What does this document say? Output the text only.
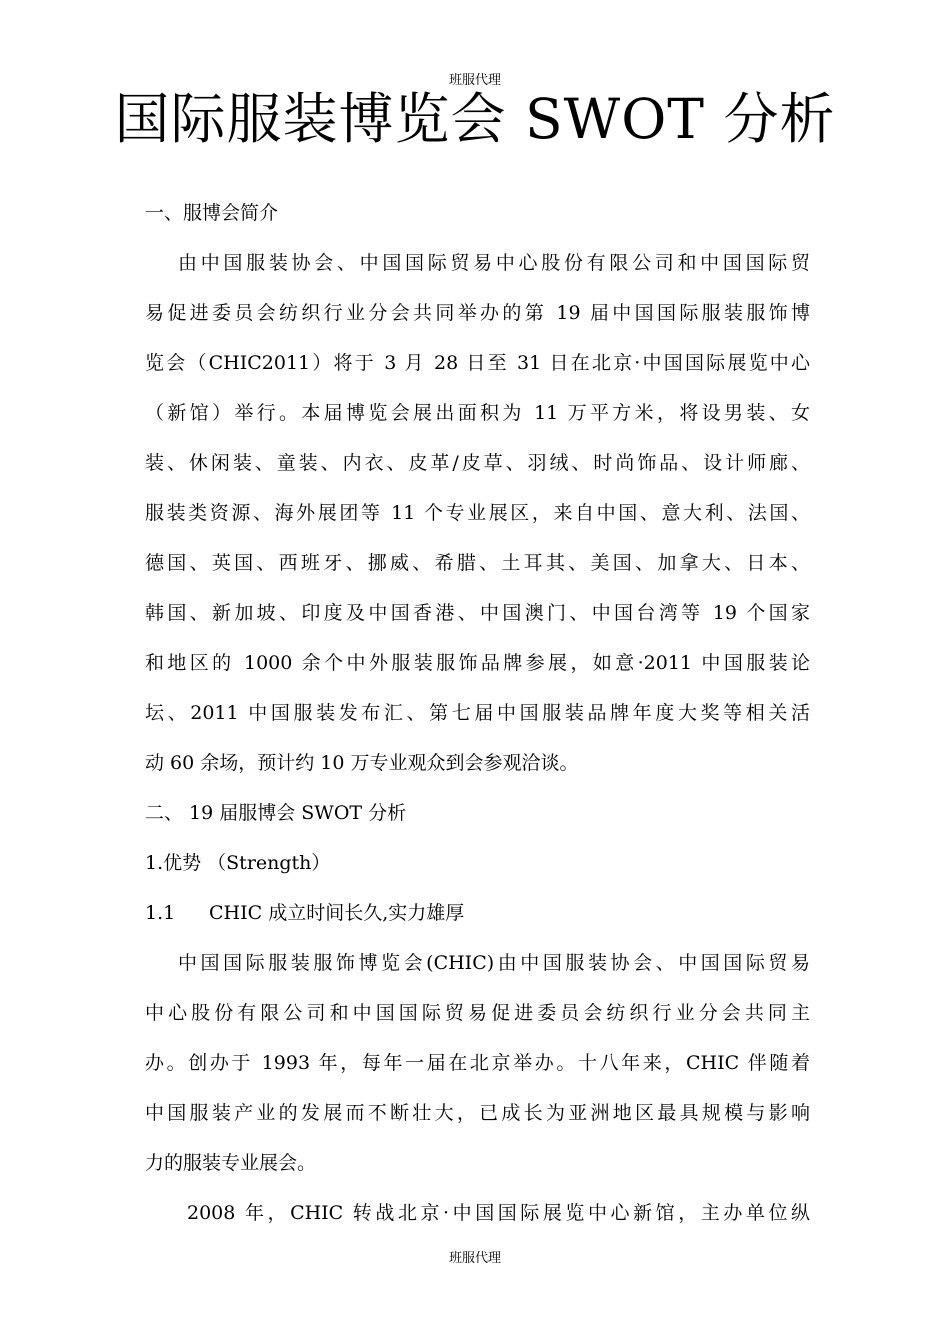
班服代理
国际服装博览会 SWOT 分析
一、服博会简介
由中国服装协会、中国国际贸易中心股份有限公司和中国国际贸
易促进委员会纺织行业分会共同举办的第 19 届中国国际服装服饰博
览会（CHIC2011）将于 3 月 28 日至 31 日在北京·中国国际展览中心
（新馆）举行。本届博览会展出面积为 11 万平方米，将设男装、女
装、休闲装、童装、内衣、皮革/皮草、羽绒、时尚饰品、设计师廊、
服装类资源、海外展团等 11 个专业展区，来自中国、意大利、法国、
德国、英国、西班牙、挪威、希腊、土耳其、美国、加拿大、日本、
韩国、新加坡、印度及中国香港、中国澳门、中国台湾等 19 个国家
和地区的 1000 余个中外服装服饰品牌参展，如意·2011 中国服装论
坛、2011 中国服装发布汇、第七届中国服装品牌年度大奖等相关活
动 60 余场，预计约 10 万专业观众到会参观洽谈。
二、 19 届服博会 SWOT 分析
1.优势 （Strength）
1.1 CHIC 成立时间长久,实力雄厚
中国国际服装服饰博览会(CHIC)由中国服装协会、中国国际贸易
中心股份有限公司和中国国际贸易促进委员会纺织行业分会共同主
办。创办于 1993 年，每年一届在北京举办。十八年来，CHIC 伴随着
中国服装产业的发展而不断壮大，已成长为亚洲地区最具规模与影响
力的服装专业展会。
2008 年，CHIC 转战北京·中国国际展览中心新馆，主办单位纵
班服代理
